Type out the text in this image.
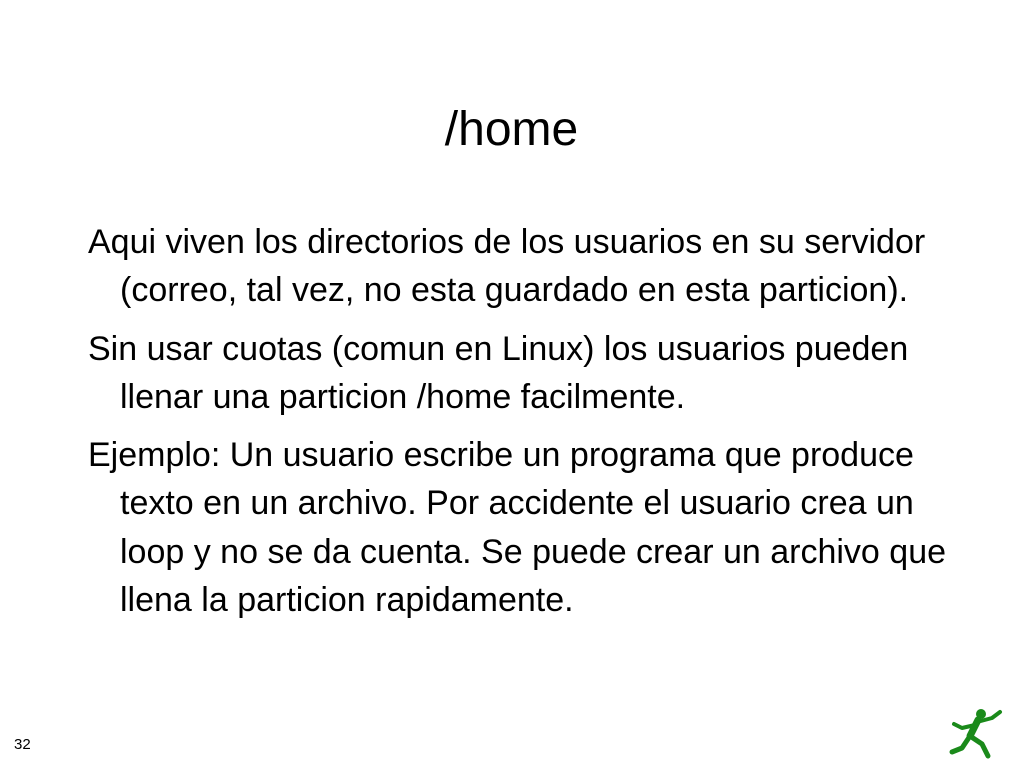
/home

Aqui viven los directorios de los usuarios en su servidor (correo, tal vez, no esta guardado en esta particion).

Sin usar cuotas (comun en Linux) los usuarios pueden llenar una particion /home facilmente.

Ejemplo: Un usuario escribe un programa que produce texto en un archivo. Por accidente el usuario crea un loop y no se da cuenta. Se puede crear un archivo que llena la particion rapidamente.

32
